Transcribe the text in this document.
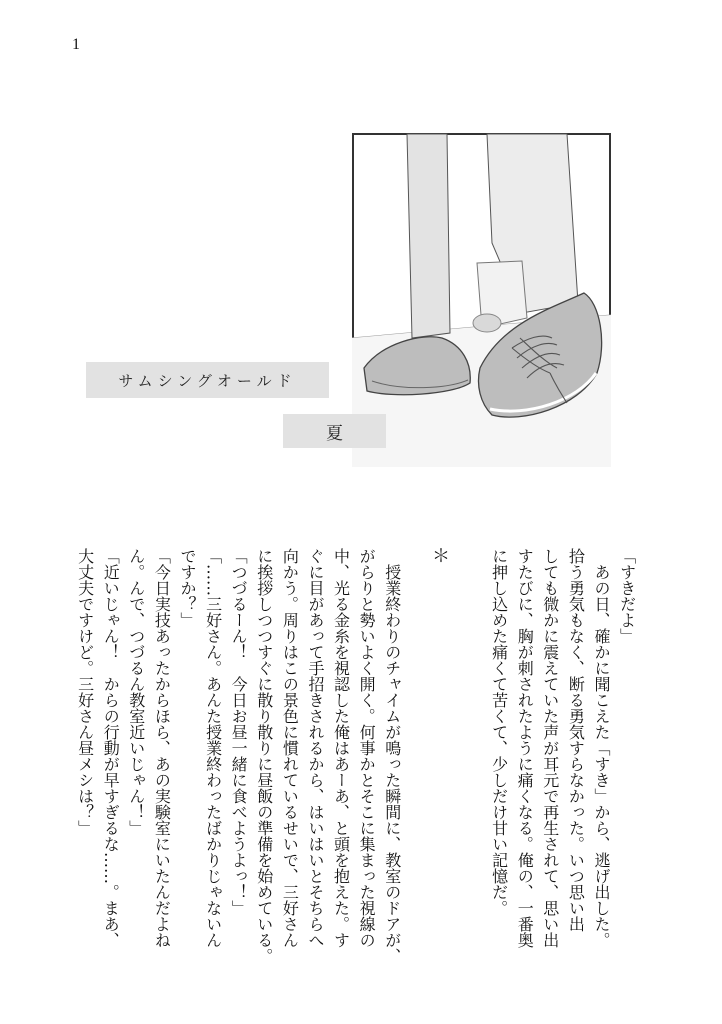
1
サムシングオールド
夏

「すきだよ」

　あの日、確かに聞こえた「すき」から、逃げ出した。

拾う勇気もなく、断る勇気すらなかった。いつ思い出

しても微かに震えていた声が耳元で再生されて、思い出

すたびに、胸が刺されたように痛くなる。俺の、一番奥

に押し込めた痛くて苦くて、少しだけ甘い記憶だ。

＊

　授業終わりのチャイムが鳴った瞬間に、教室のドアが、

がらりと勢いよく開く。何事かとそこに集まった視線の

中、光る金糸を視認した俺はあーあ、と頭を抱えた。す

ぐに目があって手招きされるから、はいはいとそちらへ

向かう。周りはこの景色に慣れているせいで、三好さん

に挨拶しつつすぐに散り散りに昼飯の準備を始めている。

「つづるーん！　今日お昼一緒に食べようよっ！」

「……三好さん。あんた授業終わったばかりじゃないん

ですか？」

「今日実技あったからほら、あの実験室にいたんだよね

ん。んで、つづるん教室近いじゃん！」

「近いじゃん！　からの行動が早すぎるな……。まあ、

大丈夫ですけど。三好さん昼メシは？」
